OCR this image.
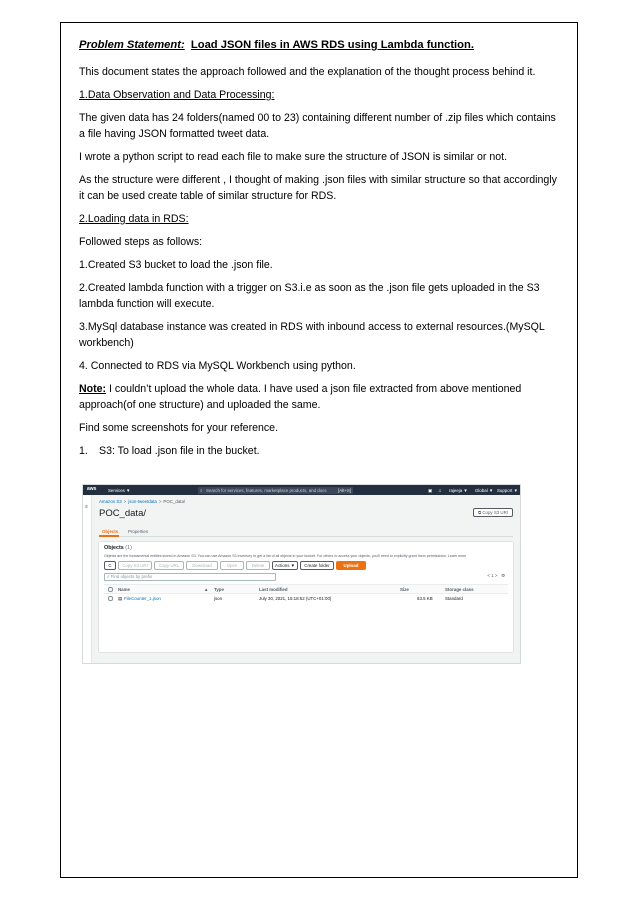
Problem Statement: Load JSON files in AWS RDS using Lambda function.

This document states the approach followed and the explanation of the thought process behind it.

1.Data Observation and Data Processing:

The given data has 24 folders(named 00 to 23) containing different number of .zip files which contains a file having JSON formatted tweet data.

I wrote a python script to read each file to make sure the structure of JSON is similar or not.

As the structure were different , I thought of making .json files with similar structure so that accordingly it can be used create table of similar structure for RDS.

2.Loading data in RDS:

Followed steps as follows:

1.Created S3 bucket to load the .json file.

2.Created lambda function with a trigger on S3.i.e as soon as the .json file gets uploaded in the S3 lambda function will execute.

3.MySql database instance was created in RDS with inbound access to external resources.(MySQL workbench)

4. Connected to RDS via MySQL Workbench using python.

Note: I couldn’t upload the whole data. I have used a json file extracted from above mentioned approach(of one structure) and uploaded the same.

Find some screenshots for your reference.

1.	S3: To load .json file in the bucket.

aws	Services ▼	⌕ Search for services, features, marketplace products, and docs	[Alt+S]	▣ ♫ rajeeja ▼ Global ▼ Support ▼
≡
Amazon S3 > json-tweetdata > POC_data/
POC_data/	⧉ Copy S3 URI
Objects Properties
Objects (1)
Objects are the fundamental entities stored in Amazon S3. You can use Amazon S3 inventory to get a list of all objects in your bucket. For others to access your objects, you'll need to explicitly grant them permissions. Learn more
C	Copy S3 URI	Copy URL	Download	Open	Delete	Actions ▼	Create folder	Upload
⌕ Find objects by prefix	< 1 > ⚙
Name	▲ Type	Last modified	Size	Storage class
▤ FileCounter_1.json	json	July 30, 2021, 15:18:52 (UTC+01:00)	63.5 KB	Standard
